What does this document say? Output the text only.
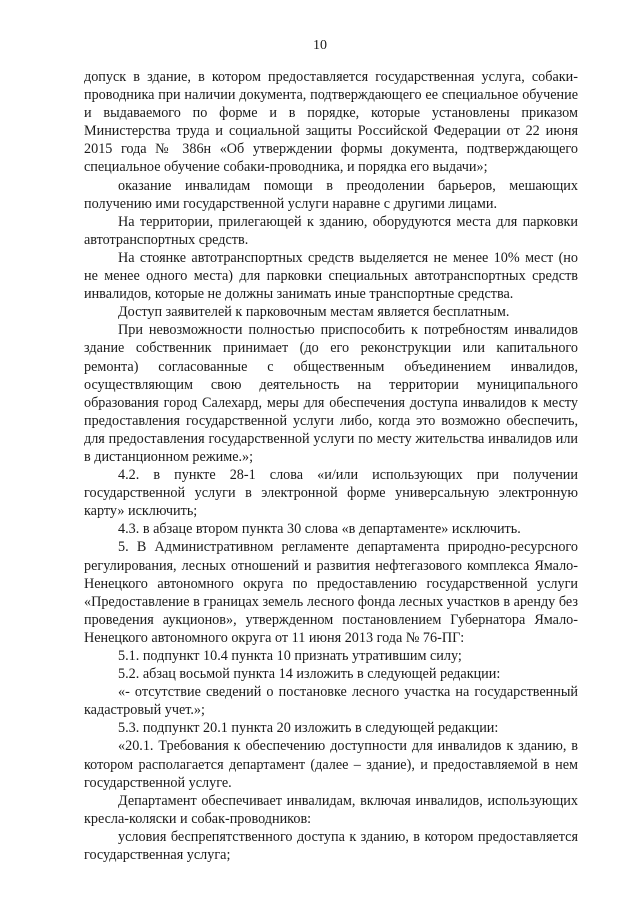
10

допуск в здание, в котором предоставляется государственная услуга, собаки-проводника при наличии документа, подтверждающего ее специальное обучение и выдаваемого по форме и в порядке, которые установлены приказом Министерства труда и социальной защиты Российской Федерации от 22 июня 2015 года № 386н «Об утверждении формы документа, подтверждающего специальное обучение собаки-проводника, и порядка его выдачи»;

оказание инвалидам помощи в преодолении барьеров, мешающих получению ими государственной услуги наравне с другими лицами.

На территории, прилегающей к зданию, оборудуются места для парковки автотранспортных средств.

На стоянке автотранспортных средств выделяется не менее 10% мест (но не менее одного места) для парковки специальных автотранспортных средств инвалидов, которые не должны занимать иные транспортные средства.

Доступ заявителей к парковочным местам является бесплатным.

При невозможности полностью приспособить к потребностям инвалидов здание собственник принимает (до его реконструкции или капитального ремонта) согласованные с общественным объединением инвалидов, осуществляющим свою деятельность на территории муниципального образования город Салехард, меры для обеспечения доступа инвалидов к месту предоставления государственной услуги либо, когда это возможно обеспечить, для предоставления государственной услуги по месту жительства инвалидов или в дистанционном режиме.»;

4.2. в пункте 28-1 слова «и/или использующих при получении государственной услуги в электронной форме универсальную электронную карту» исключить;

4.3. в абзаце втором пункта 30 слова «в департаменте» исключить.

5. В Административном регламенте департамента природно-ресурсного регулирования, лесных отношений и развития нефтегазового комплекса Ямало-Ненецкого автономного округа по предоставлению государственной услуги «Предоставление в границах земель лесного фонда лесных участков в аренду без проведения аукционов», утвержденном постановлением Губернатора Ямало-Ненецкого автономного округа от 11 июня 2013 года № 76-ПГ:

5.1. подпункт 10.4 пункта 10 признать утратившим силу;

5.2. абзац восьмой пункта 14 изложить в следующей редакции:

«- отсутствие сведений о постановке лесного участка на государственный кадастровый учет.»;

5.3. подпункт 20.1 пункта 20 изложить в следующей редакции:

«20.1. Требования к обеспечению доступности для инвалидов к зданию, в котором располагается департамент (далее – здание), и предоставляемой в нем государственной услуге.

Департамент обеспечивает инвалидам, включая инвалидов, использующих кресла-коляски и собак-проводников:

условия беспрепятственного доступа к зданию, в котором предоставляется государственная услуга;
